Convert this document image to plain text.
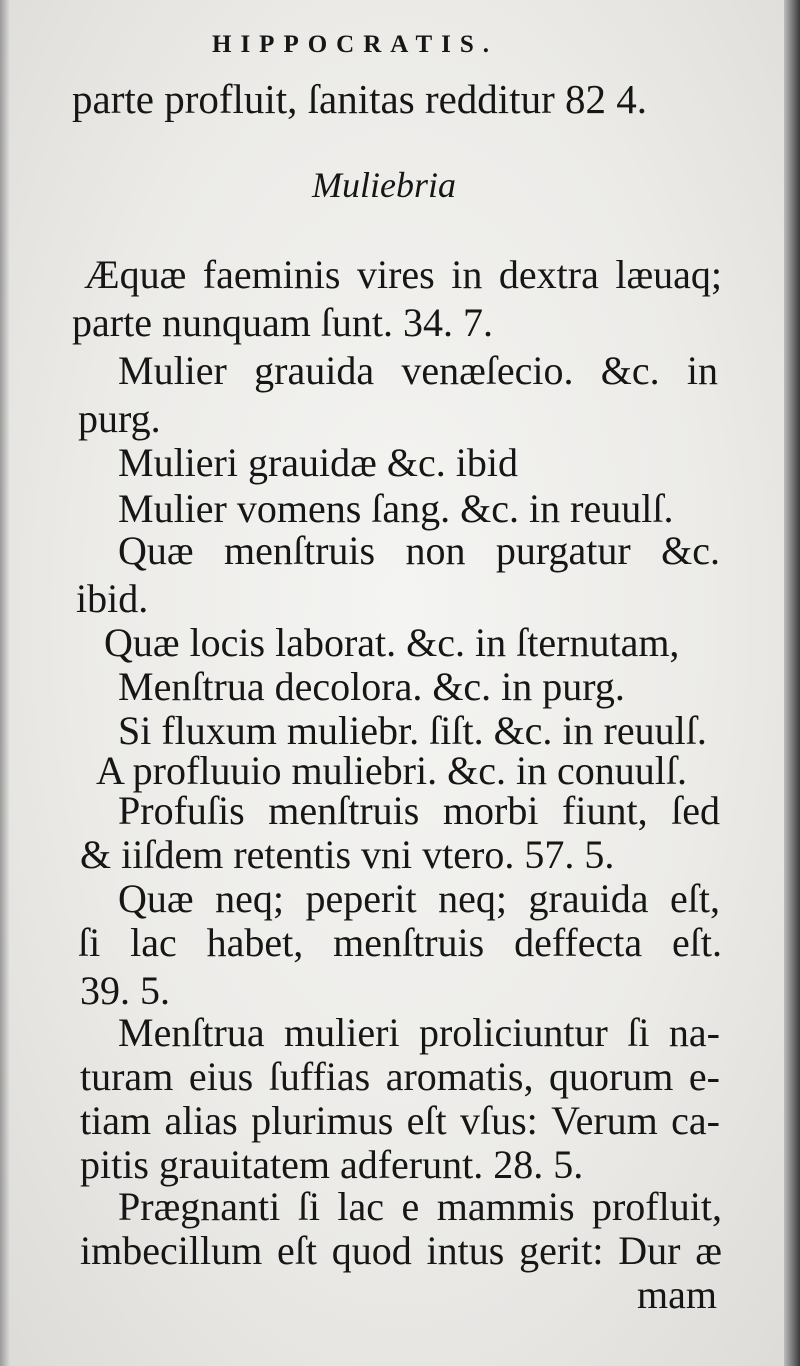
HIPPOCRATIS.

parte profluit, ſanitas redditur 82 4.

Muliebria

Æquæ faeminis vires in dextra læuaq;

parte nunquam ſunt. 34. 7.

Mulier grauida venæſecio. &c. in

purg.

Mulieri grauidæ &c. ibid

Mulier vomens ſang. &c. in reuulſ.

Quæ menſtruis non purgatur &c.

ibid.

Quæ locis laborat. &c. in ſternutam,

Menſtrua decolora. &c. in purg.

Si fluxum muliebr. ſiſt. &c. in reuulſ.

A profluuio muliebri. &c. in conuulſ.

Profuſis menſtruis morbi fiunt, ſed

& iiſdem retentis vni vtero. 57. 5.

Quæ neq; peperit neq; grauida eſt,

ſi lac habet, menſtruis deffecta eſt.

39. 5.

Menſtrua mulieri proliciuntur ſi na-

turam eius ſuffias aromatis, quorum e-

tiam alias plurimus eſt vſus: Verum ca-

pitis grauitatem adferunt. 28. 5.

Prægnanti ſi lac e mammis profluit,

imbecillum eſt quod intus gerit: Dur æ

mam
